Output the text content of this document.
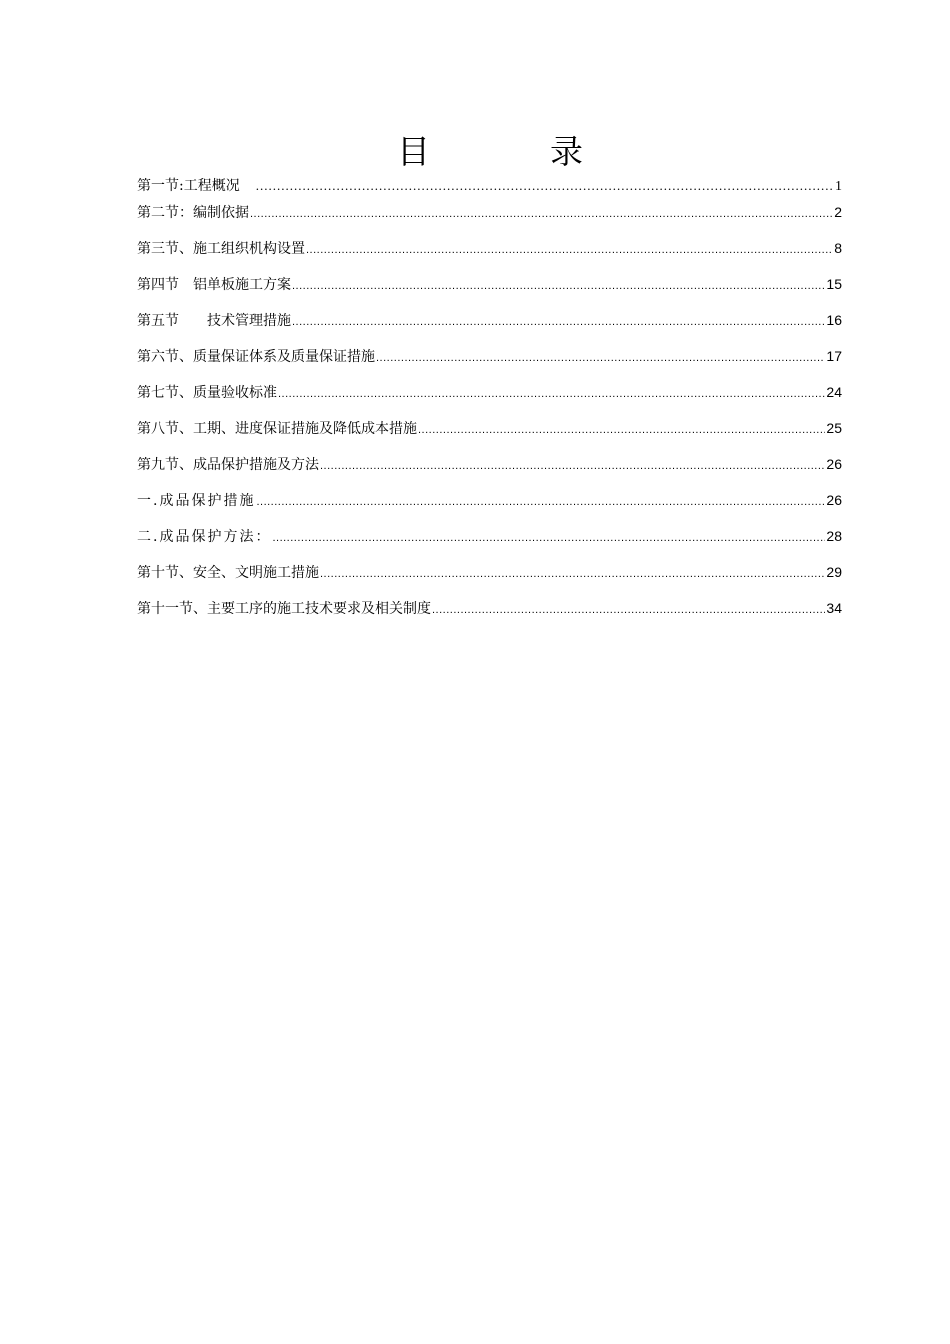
目	录
第一节:工程概况 .....	1
第二节：编制依据 .....	2
第三节、施工组织机构设置 .....	8
第四节　铝单板施工方案 .....	15
第五节　　技术管理措施 .....	16
第六节、质量保证体系及质量保证措施 .....	17
第七节、质量验收标准 .....	24
第八节、工期、进度保证措施及降低成本措施 .....	25
第九节、成品保护措施及方法 .....	26
一.成品保护措施 .....	26
二.成品保护方法： .....	28
第十节、安全、文明施工措施 .....	29
第十一节、主要工序的施工技术要求及相关制度 .....	34
